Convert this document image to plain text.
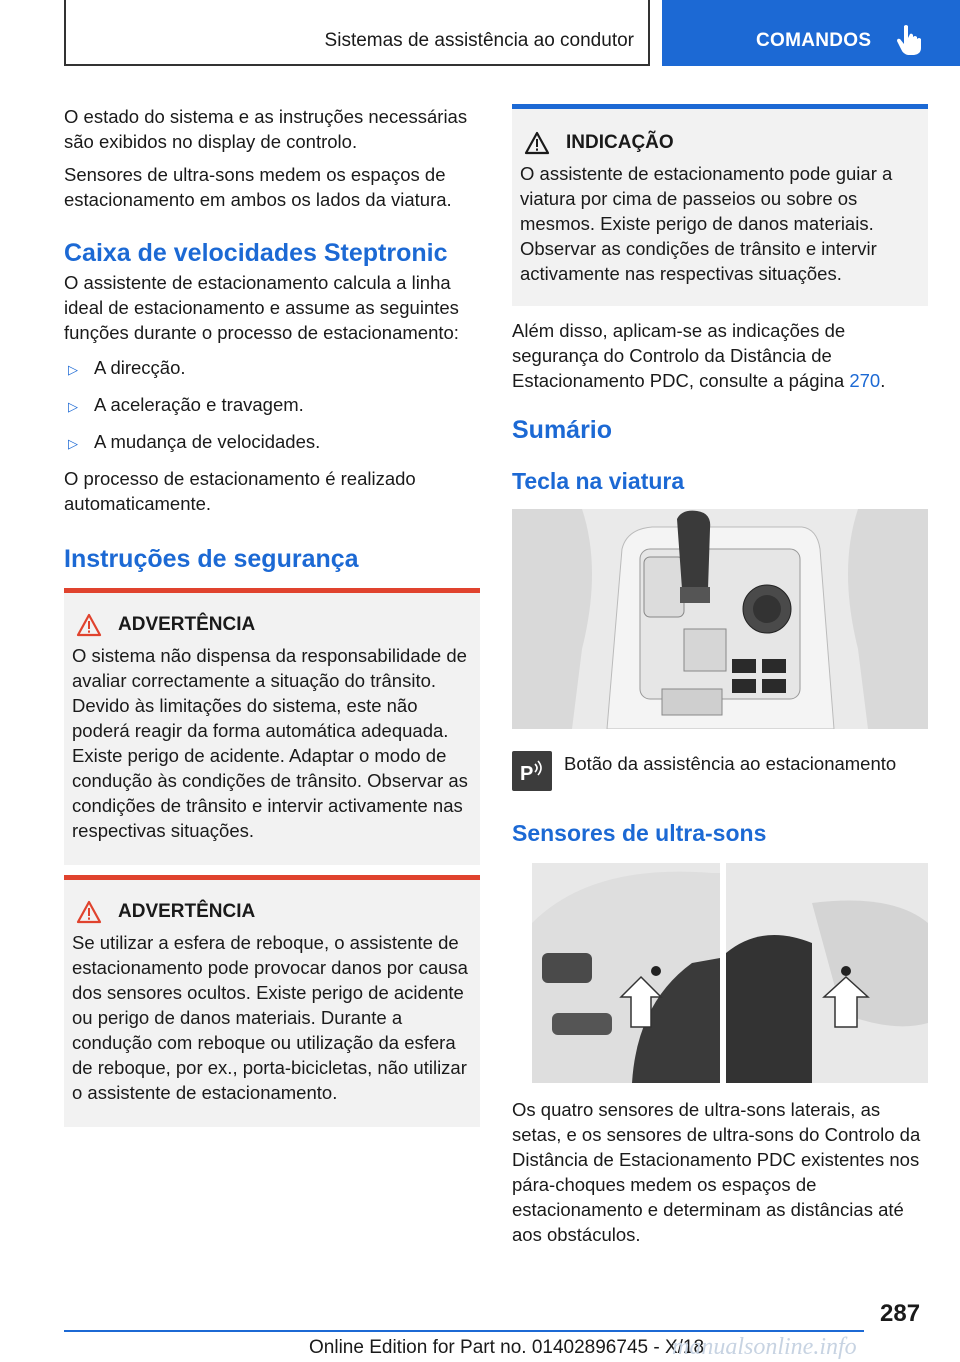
Sistemas de assistência ao condutor	COMANDOS

O estado do sistema e as instruções necessárias são exibidos no display de controlo.

Sensores de ultra-sons medem os espaços de estacionamento em ambos os lados da viatura.

Caixa de velocidades Steptronic

O assistente de estacionamento calcula a linha ideal de estacionamento e assume as seguintes funções durante o processo de estacionamento:

▷ A direcção.
▷ A aceleração e travagem.
▷ A mudança de velocidades.

O processo de estacionamento é realizado automaticamente.

Instruções de segurança
ADVERTÊNCIA

O sistema não dispensa da responsabilidade de avaliar correctamente a situação do trânsito. Devido às limitações do sistema, este não poderá reagir da forma automática adequada. Existe perigo de acidente. Adaptar o modo de condução às condições de trânsito. Observar as condições de trânsito e intervir activamente nas respectivas situações.

ADVERTÊNCIA

Se utilizar a esfera de reboque, o assistente de estacionamento pode provocar danos por causa dos sensores ocultos. Existe perigo de acidente ou perigo de danos materiais. Durante a condução com reboque ou utilização da esfera de reboque, por ex., porta-bicicletas, não utilizar o assistente de estacionamento.

INDICAÇÃO

O assistente de estacionamento pode guiar a viatura por cima de passeios ou sobre os mesmos. Existe perigo de danos materiais. Observar as condições de trânsito e intervir activamente nas respectivas situações.

Além disso, aplicam-se as indicações de segurança do Controlo da Distância de Estacionamento PDC, consulte a página 270.

Sumário
Tecla na viatura
P Botão da assistência ao estacionamento
Sensores de ultra-sons

Os quatro sensores de ultra-sons laterais, as setas, e os sensores de ultra-sons do Controlo da Distância de Estacionamento PDC existentes nos pára-choques medem os espaços de estacionamento e determinam as distâncias até aos obstáculos.

287
Online Edition for Part no. 01402896745 - X/18
manualsonline.info
